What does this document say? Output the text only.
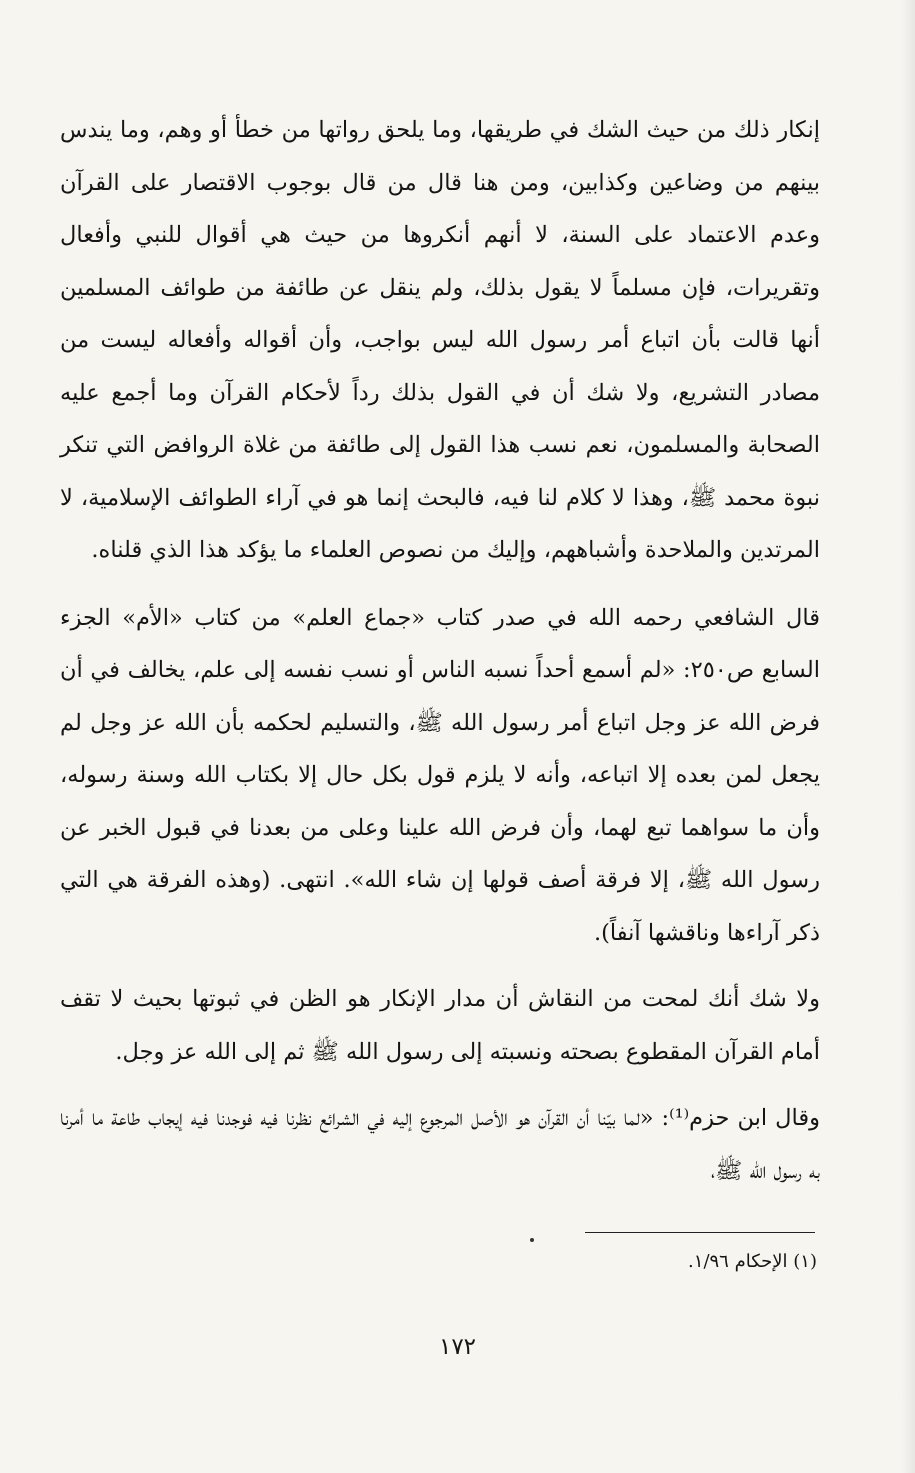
إنكار ذلك من حيث الشك في طريقها، وما يلحق رواتها من خطأ أو وهم، وما يندس بينهم من وضاعين وكذابين، ومن هنا قال من قال بوجوب الاقتصار على القرآن وعدم الاعتماد على السنة، لا أنهم أنكروها من حيث هي أقوال للنبي وأفعال وتقريرات، فإن مسلماً لا يقول بذلك، ولم ينقل عن طائفة من طوائف المسلمين أنها قالت بأن اتباع أمر رسول الله ليس بواجب، وأن أقواله وأفعاله ليست من مصادر التشريع، ولا شك أن في القول بذلك رداً لأحكام القرآن وما أجمع عليه الصحابة والمسلمون، نعم نسب هذا القول إلى طائفة من غلاة الروافض التي تنكر نبوة محمد ﷺ، وهذا لا كلام لنا فيه، فالبحث إنما هو في آراء الطوائف الإسلامية، لا المرتدين والملاحدة وأشباههم، وإليك من نصوص العلماء ما يؤكد هذا الذي قلناه.

قال الشافعي رحمه الله في صدر كتاب «جماع العلم» من كتاب «الأم» الجزء السابع ص٢٥٠: «لم أسمع أحداً نسبه الناس أو نسب نفسه إلى علم، يخالف في أن فرض الله عز وجل اتباع أمر رسول الله ﷺ، والتسليم لحكمه بأن الله عز وجل لم يجعل لمن بعده إلا اتباعه، وأنه لا يلزم قول بكل حال إلا بكتاب الله وسنة رسوله، وأن ما سواهما تبع لهما، وأن فرض الله علينا وعلى من بعدنا في قبول الخبر عن رسول الله ﷺ، إلا فرقة أصف قولها إن شاء الله». انتهى. (وهذه الفرقة هي التي ذكر آراءها وناقشها آنفاً).

ولا شك أنك لمحت من النقاش أن مدار الإنكار هو الظن في ثبوتها بحيث لا تقف أمام القرآن المقطوع بصحته ونسبته إلى رسول الله ﷺ ثم إلى الله عز وجل.

وقال ابن حزم⁽¹⁾: «لما بيّنا أن القرآن هو الأصل المرجوع إليه في الشرائع نظرنا فيه فوجدنا فيه إيجاب طاعة ما أمرنا به رسول الله ﷺ،

(١) الإحكام ١/٩٦.
١٧٢
